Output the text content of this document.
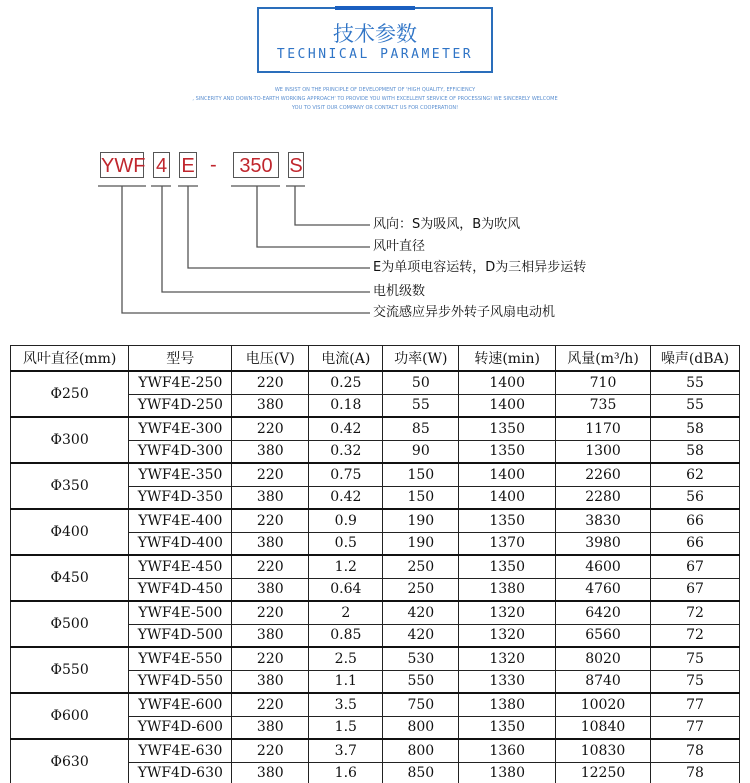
技术参数
TECHNICAL PARAMETER
WE INSIST ON THE PRINCIPLE OF DEVELOPMENT OF 'HIGH QUALITY, EFFICIENCY
, SINCERITY AND DOWN-TO-EARTH WORKING APPROACH' TO PROVIDE YOU WITH EXCELLENT SERVICE OF PROCESSING! WE SINCERELY WELCOME
YOU TO VISIT OUR COMPANY OR CONTACT US FOR COOPERATION!
YWF 4 E -	350 S
风向：S为吸风，B为吹风
风叶直径
E为单项电容运转，D为三相异步运转
电机级数
交流感应异步外转子风扇电动机
风叶直径(mm)	型号	电压(V)	电流(A)	功率(W)	转速(min)	风量(m³/h)	噪声(dBA)
Φ250	YWF4E-250	220	0.25	50	1400	710	55
	YWF4D-250	380	0.18	55	1400	735	55
Φ300	YWF4E-300	220	0.42	85	1350	1170	58
	YWF4D-300	380	0.32	90	1350	1300	58
Φ350	YWF4E-350	220	0.75	150	1400	2260	62
	YWF4D-350	380	0.42	150	1400	2280	56
Φ400	YWF4E-400	220	0.9	190	1350	3830	66
	YWF4D-400	380	0.5	190	1370	3980	66
Φ450	YWF4E-450	220	1.2	250	1350	4600	67
	YWF4D-450	380	0.64	250	1380	4760	67
Φ500	YWF4E-500	220	2	420	1320	6420	72
	YWF4D-500	380	0.85	420	1320	6560	72
Φ550	YWF4E-550	220	2.5	530	1320	8020	75
	YWF4D-550	380	1.1	550	1330	8740	75
Φ600	YWF4E-600	220	3.5	750	1380	10020	77
	YWF4D-600	380	1.5	800	1350	10840	77
Φ630	YWF4E-630	220	3.7	800	1360	10830	78
	YWF4D-630	380	1.6	850	1380	12250	78
